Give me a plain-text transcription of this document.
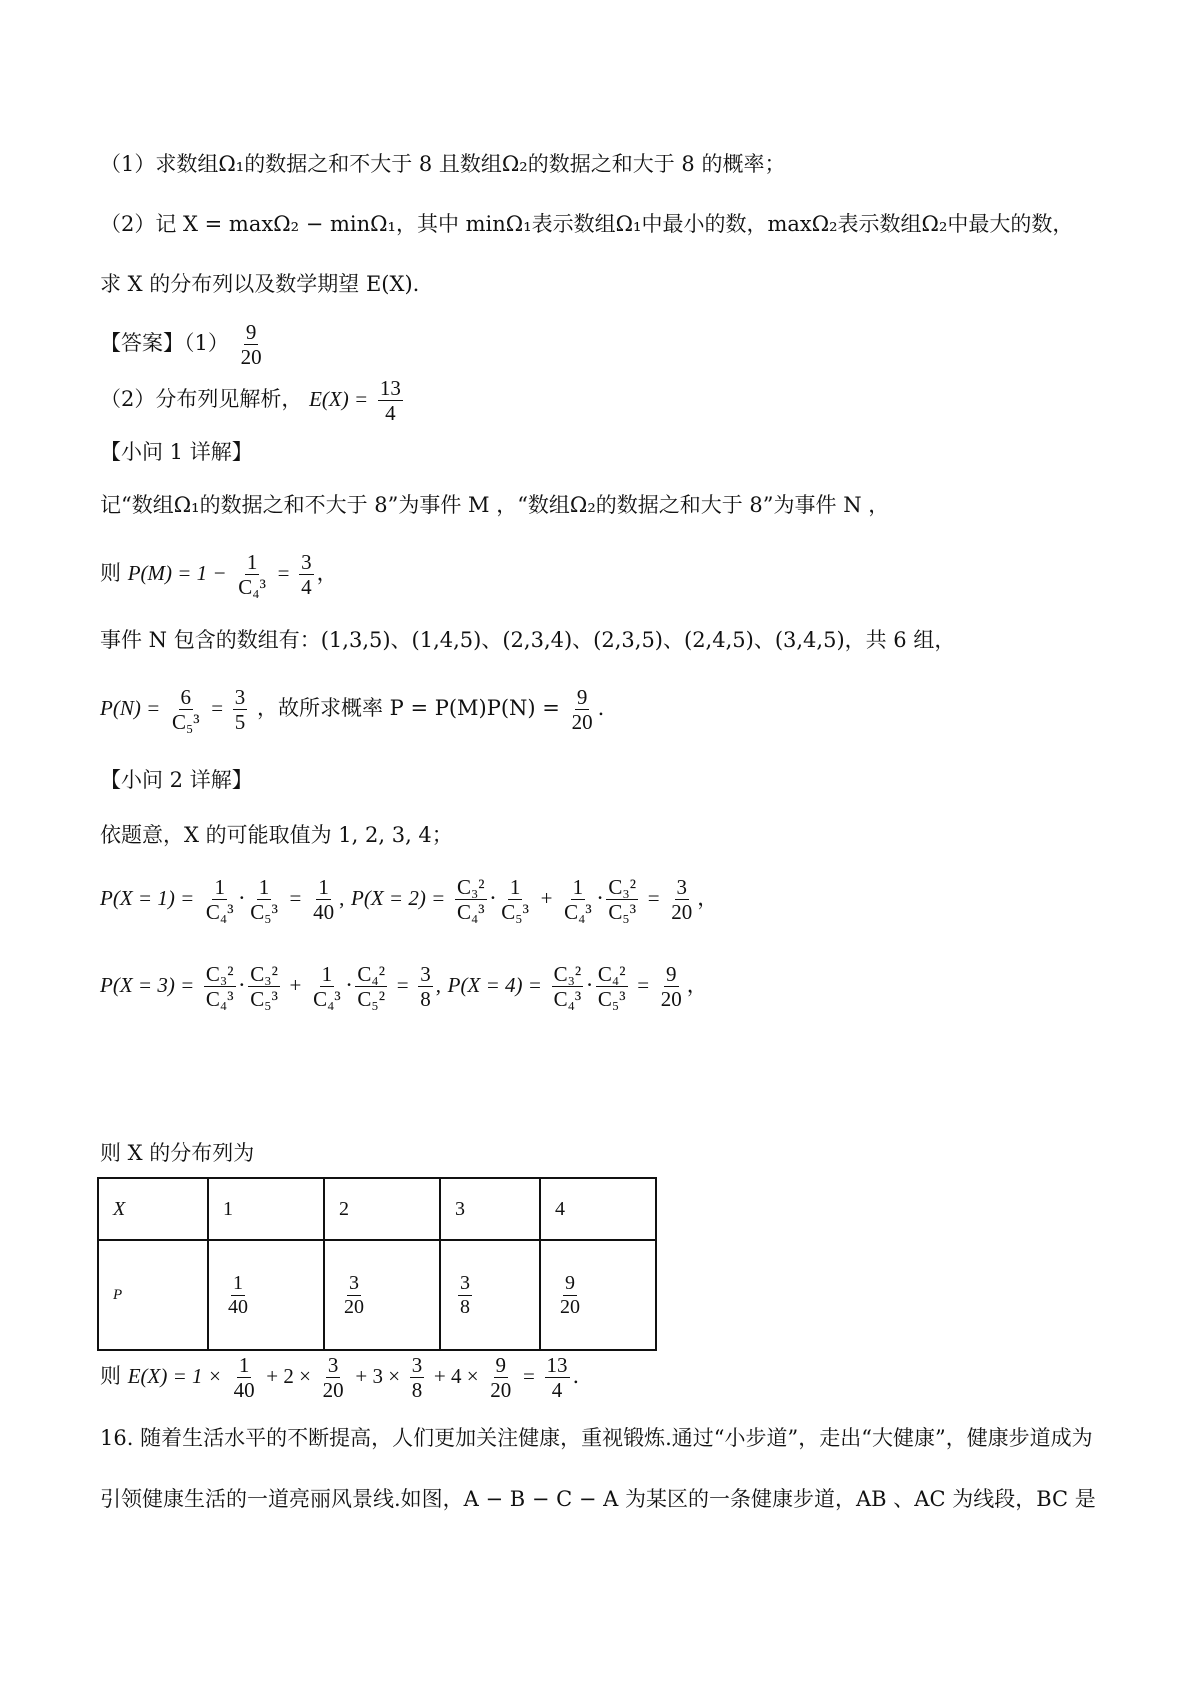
（1）求数组Ω₁的数据之和不大于 8 且数组Ω₂的数据之和大于 8 的概率；
（2）记 X = maxΩ₂ − minΩ₁，其中 minΩ₁表示数组Ω₁中最小的数，maxΩ₂表示数组Ω₂中最大的数，
求 X 的分布列以及数学期望 E(X).
【答案】$(1) \frac{9}{20}$
（2）分布列见解析， $E(X) = \frac{13}{4}$
【小问 1 详解】
记“数组Ω₁的数据之和不大于 8”为事件 M ，“数组Ω₂的数据之和大于 8”为事件 N ，
则 $P(M) = 1 - \frac{1}{\text{C₄³}} = \frac{3}{4}$ ，
事件 N 包含的数组有：(1,3,5)、(1,4,5)、(2,3,4)、(2,3,5)、(2,4,5)、(3,4,5)，共 6 组，
$P(N) = \frac{6}{\text{C₅³}} = \frac{3}{5}$ ，故所求概率 $P = P(M)P(N) = \frac{9}{20}$ .
【小问 2 详解】
依题意，X 的可能取值为 1, 2, 3, 4；
$P(X = 1) = \frac{1}{\text{C₄³}} \cdot \frac{1}{\text{C₅³}} = \frac{1}{40}$ , $P(X = 2) = \frac{\text{C₃²}}{\text{C₄³}} \cdot \frac{1}{\text{C₅³}} + \frac{1}{\text{C₄³}} \cdot \frac{\text{C₃²}}{\text{C₅³}} = \frac{3}{20}$ ，
$P(X = 3) = \frac{\text{C₃²}}{\text{C₄³}} \cdot \frac{\text{C₃²}}{\text{C₅³}} + \frac{1}{\text{C₄³}} \cdot \frac{\text{C₄²}}{\text{C₅²}} = \frac{3}{8}$ , $P(X = 4) = \frac{\text{C₃²}}{\text{C₄³}} \cdot \frac{\text{C₄²}}{\text{C₅³}} = \frac{9}{20}$ ，
则 X 的分布列为
X	1	2	3	4
P	$\frac{1}{40}$	$\frac{3}{20}$	$\frac{3}{8}$	$\frac{9}{20}$
则 $E(X) = 1 \times \frac{1}{40} + 2 \times \frac{3}{20} + 3 \times \frac{3}{8} + 4 \times \frac{9}{20} = \frac{13}{4}$ .
16. 随着生活水平的不断提高，人们更加关注健康，重视锻炼.通过“小步道”，走出“大健康”，健康步道成为
引领健康生活的一道亮丽风景线.如图，A − B − C − A 为某区的一条健康步道，AB 、AC 为线段，BC 是
